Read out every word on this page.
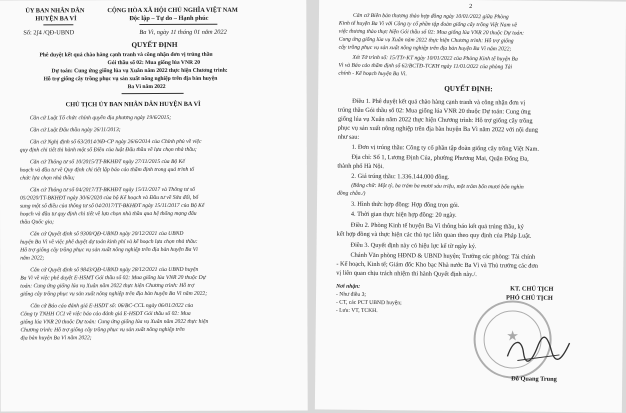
ỦY BAN NHÂN DÂN
HUYỆN BA VÌ
CỘNG HÒA XÃ HỘI CHỦ NGHĨA VIỆT NAM
Độc lập – Tự do – Hạnh phúc
Số: 2ʃ4 /QĐ-UBND	Ba Vì, ngày 11 tháng 01 năm 2022
QUYẾT ĐỊNH
Phê duyệt kết quả chào hàng cạnh tranh và công nhận đơn vị trúng thầu
Gói thầu số 02: Mua giống lúa VNR 20
Dự toán: Cung ứng giống lúa vụ Xuân năm 2022 thực hiện Chương trình:
Hỗ trợ giống cây trồng phục vụ sản xuất nông nghiệp trên địa bàn huyện
Ba Vì năm 2022
CHỦ TỊCH ỦY BAN NHÂN DÂN HUYỆN BA VÌ
Căn cứ Luật Tổ chức chính quyền địa phương ngày 19/6/2015;
Căn cứ Luật Đấu thầu ngày 26/11/2013;
Căn cứ Nghị định số 63/2014/NĐ-CP ngày 26/6/2014 của Chính phủ về việc
quy định chi tiết thi hành một số Điều của luật Đấu thầu về lựa chọn nhà thầu;
Căn cứ Thông tư số 10/2015/TT-BKHĐT ngày 27/11/2015 của Bộ Kế
hoạch và đầu tư về Quy định chi tiết lập báo cáo thẩm định trong quá trình tổ
chức lựa chọn nhà thầu;
Căn cứ Thông tư số 04/2017/TT-BKHĐT ngày 15/11/2017 và Thông tư số
05/2020/TT-BKHĐT ngày 30/6/2020 của bộ Kế hoạch và Đầu tư về Sửa đổi, bổ
sung một số điều của thông tư số 04/2017/TT-BKHĐT ngày 15/11/2017 của Bộ Kế
hoạch và đầu tư quy định chi tiết về lựa chọn nhà thầu qua hệ thống mạng đấu
thầu Quốc gia;
Căn cứ Quyết định số 9300/QĐ-UBND ngày 20/12/2021 của UBND
huyện Ba Vì về việc phê duyệt dự toán kinh phí và kế hoạch lựa chọn nhà thầu:
Hỗ trợ giống cây trồng phục vụ sản xuất nông nghiệp trên địa bàn huyện Ba Vì
năm 2022;
Căn cứ Quyết định số 9843/QĐ-UBND ngày 28/12/2021 của UBND huyện
Ba Vì về việc phê duyệt E-HSMT Gói thầu số 02: Mua giống lúa VNR 20 thuộc Dự
toán: Cung ứng giống lúa vụ Xuân năm 2022 thực hiện Chương trình: Hỗ trợ
giống cây trồng phục vụ sản xuất nông nghiệp trên địa bàn huyện Ba Vì năm 2022;
Căn cứ Báo cáo đánh giá E-HSDT số: 06/BC-CCL ngày 06/01/2022 của
Công ty TNHH CCI về việc báo cáo đánh giá E-HSDT Gói thầu số 02: Mua
giống lúa VNR 20 thuộc Dự toán: Cung ứng giống lúa vụ Xuân năm 2022 thực hiện
Chương trình: Hỗ trợ giống cây trồng phục vụ sản xuất nông nghiệp trên
địa bàn huyện Ba Vì năm 2022;
2
Căn cứ Biên bản thương thảo hợp đồng ngày 10/01/2022 giữa Phòng
Kinh tế huyện Ba Vì với Công ty cổ phần tập đoàn giống cây trồng Việt Nam về
việc thương thảo thực hiện Gói thầu số 02: Mua giống lúa VNR 20 thuộc Dự toán:
Cung ứng giống lúa vụ Xuân năm 2022 thực hiện Chương trình: Hỗ trợ giống
cây trồng phục vụ sản xuất nông nghiệp trên địa bàn huyện Ba Vì năm 2022;
Xét Tờ trình số: 15/TTr-KT ngày 10/01/2022 của Phòng Kinh tế huyện Ba
Vì và Báo cáo thẩm định số 62/BCTĐ-TCKH ngày 11/01/2022 của phòng Tài
chính - Kế hoạch huyện Ba Vì.
QUYẾT ĐỊNH:
Điều 1. Phê duyệt kết quả chào hàng cạnh tranh và công nhận đơn vị
trúng thầu Gói thầu số 02: Mua giống lúa VNR 20 thuộc Dự toán: Cung ứng
giống lúa vụ Xuân năm 2022 thực hiện Chương trình: Hỗ trợ giống cây trồng
phục vụ sản xuất nông nghiệp trên địa bàn huyện Ba Vì năm 2022 với nội dung
như sau:
1. Đơn vị trúng thầu: Công ty cổ phần tập đoàn giống cây trồng Việt Nam.
Địa chỉ: Số 1, Lương Định Của, phường Phương Mai, Quận Đống Đa,
thành phố Hà Nội.
2. Giá trúng thầu: 1.336.144.000 đồng.
(Bằng chữ: Một tỷ, ba trăm ba mươi sáu triệu, một trăm bốn mươi bốn nghìn
đồng chẵn./)
3. Hình thức hợp đồng: Hợp đồng trọn gói.
4. Thời gian thực hiện hợp đồng: 20 ngày.
Điều 2. Phòng Kinh tế huyện Ba Vì thông báo kết quả trúng thầu, ký
kết hợp đồng và thực hiện các thủ tục liên quan theo quy định của Pháp Luật.
Điều 3. Quyết định này có hiệu lực kể từ ngày ký.
Chánh Văn phòng HĐND & UBND huyện; Trưởng các phòng: Tài chính
- Kế hoạch, Kinh tế; Giám đốc Kho bạc Nhà nước Ba Vì và Thủ trưởng các đơn
vị liên quan chịu trách nhiệm thi hành Quyết định này./.
Nơi nhận:
- Như điều 3;
- CT, các PCT UBND huyện;
- Lưu: VT, TCKH.
KT. CHỦ TỊCH
PHÓ CHỦ TỊCH
★
Đỗ Quang Trung
